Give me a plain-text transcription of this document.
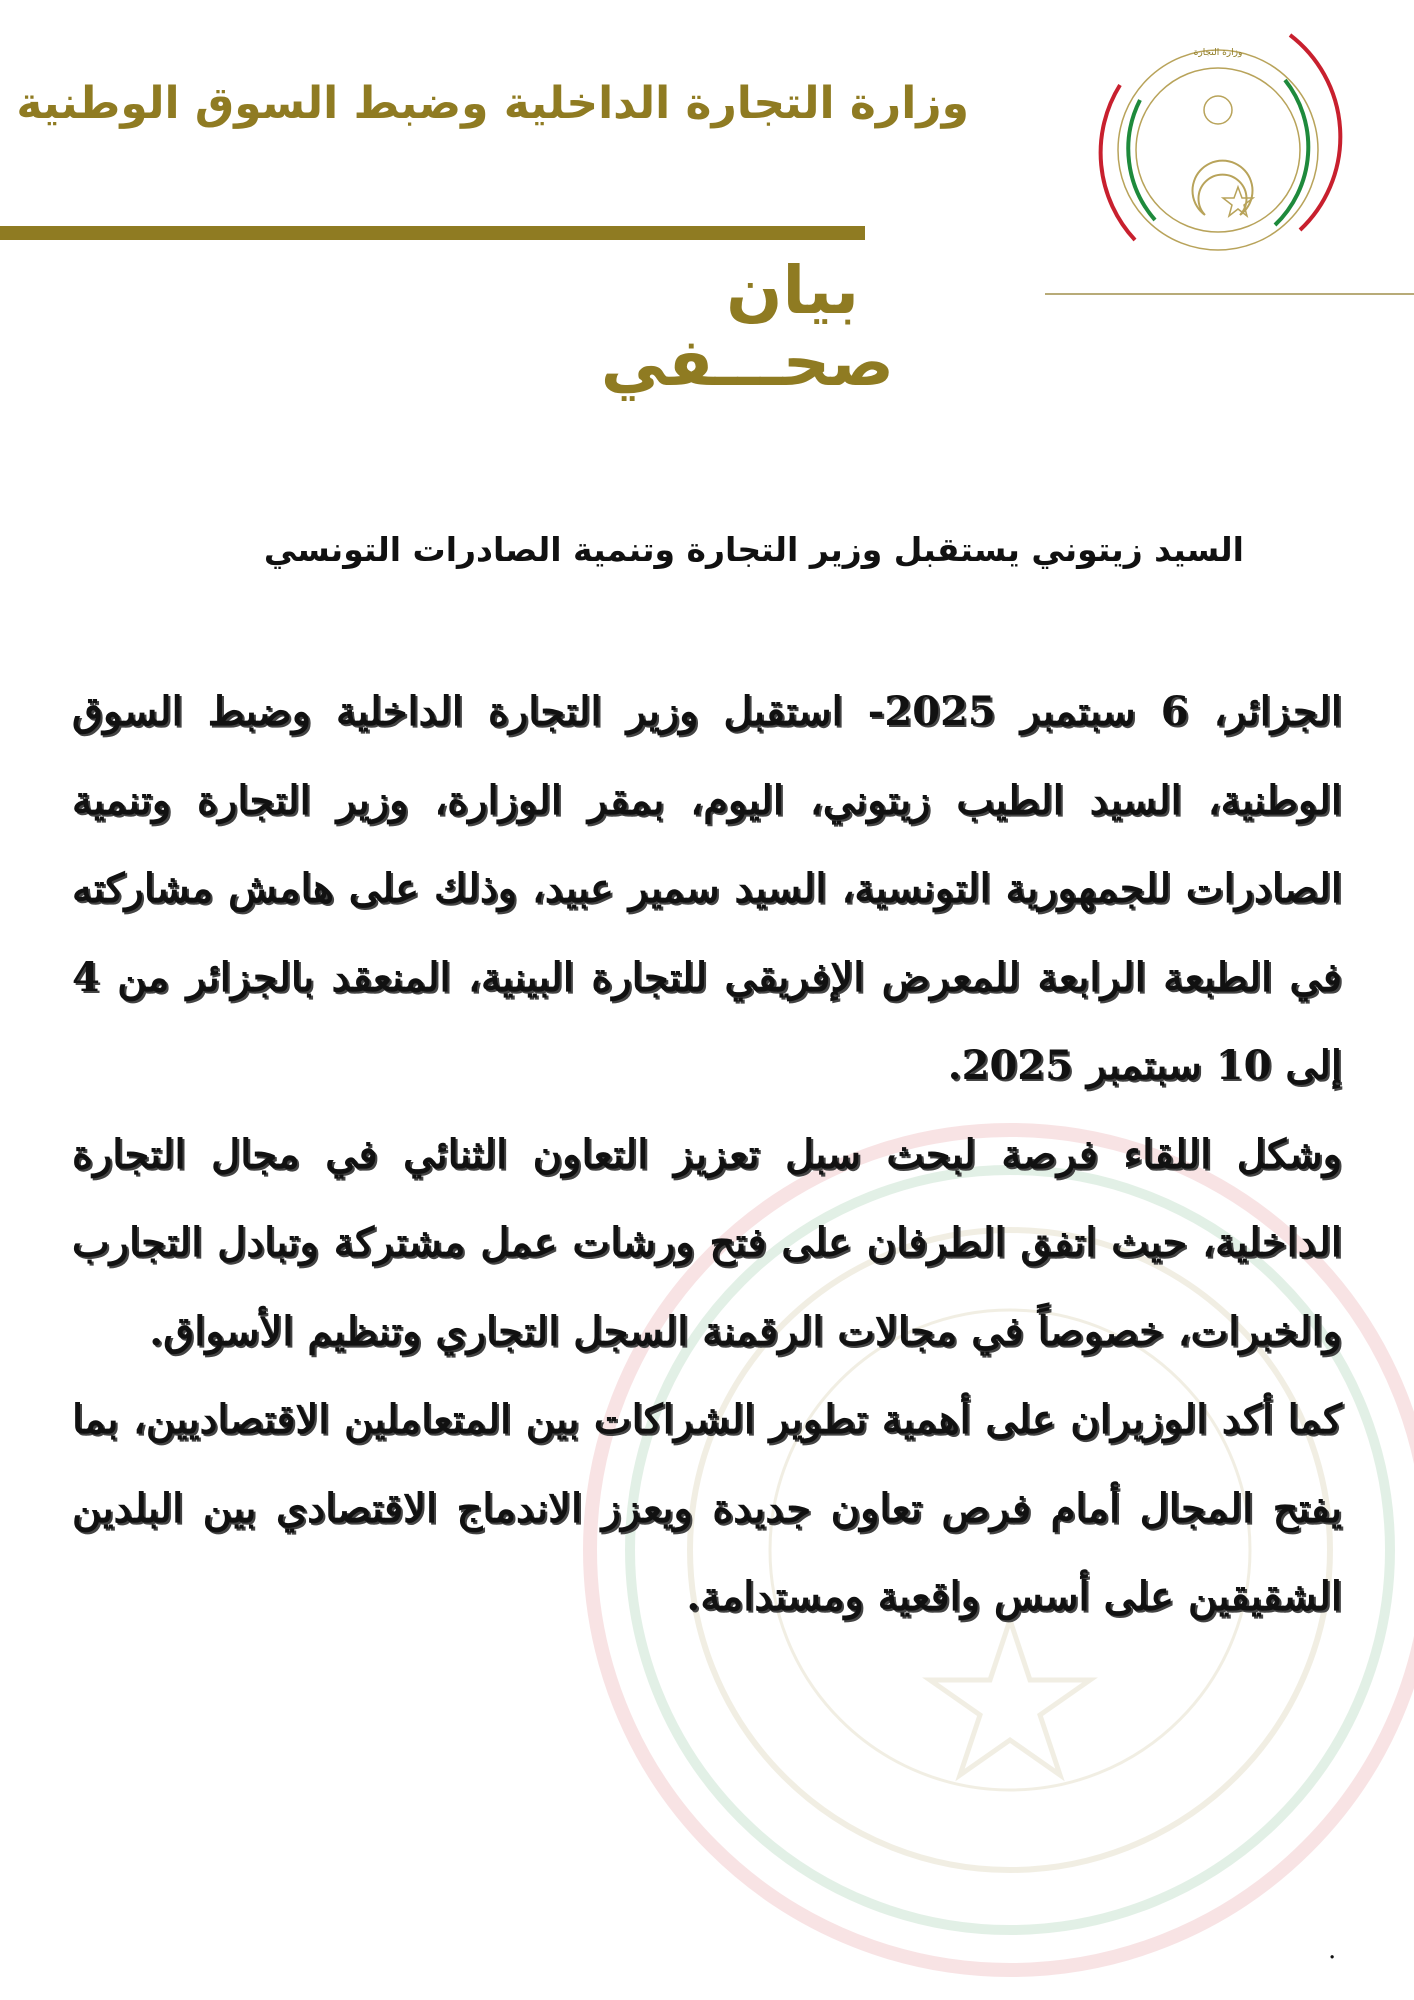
وزارة التجارة الداخلية وضبط السوق الوطنية
ﻭﺯﺍﺭﺓ ﺍﻟﺘﺠﺎﺭﺓ
بيان
صحـــفي
السيد زيتوني يستقبل وزير التجارة وتنمية الصادرات التونسي

الجزائر، 6 سبتمبر 2025- استقبل وزير التجارة الداخلية وضبط السوق الوطنية، السيد الطيب زيتوني، اليوم، بمقر الوزارة، وزير التجارة وتنمية الصادرات للجمهورية التونسية، السيد سمير عبيد، وذلك على هامش مشاركته في الطبعة الرابعة للمعرض الإفريقي للتجارة البينية، المنعقد بالجزائر من 4 إلى 10 سبتمبر 2025.

وشكل اللقاء فرصة لبحث سبل تعزيز التعاون الثنائي في مجال التجارة الداخلية، حيث اتفق الطرفان على فتح ورشات عمل مشتركة وتبادل التجارب والخبرات، خصوصاً في مجالات الرقمنة السجل التجاري وتنظيم الأسواق.

كما أكد الوزيران على أهمية تطوير الشراكات بين المتعاملين الاقتصاديين، بما يفتح المجال أمام فرص تعاون جديدة ويعزز الاندماج الاقتصادي بين البلدين الشقيقين على أسس واقعية ومستدامة.

.
